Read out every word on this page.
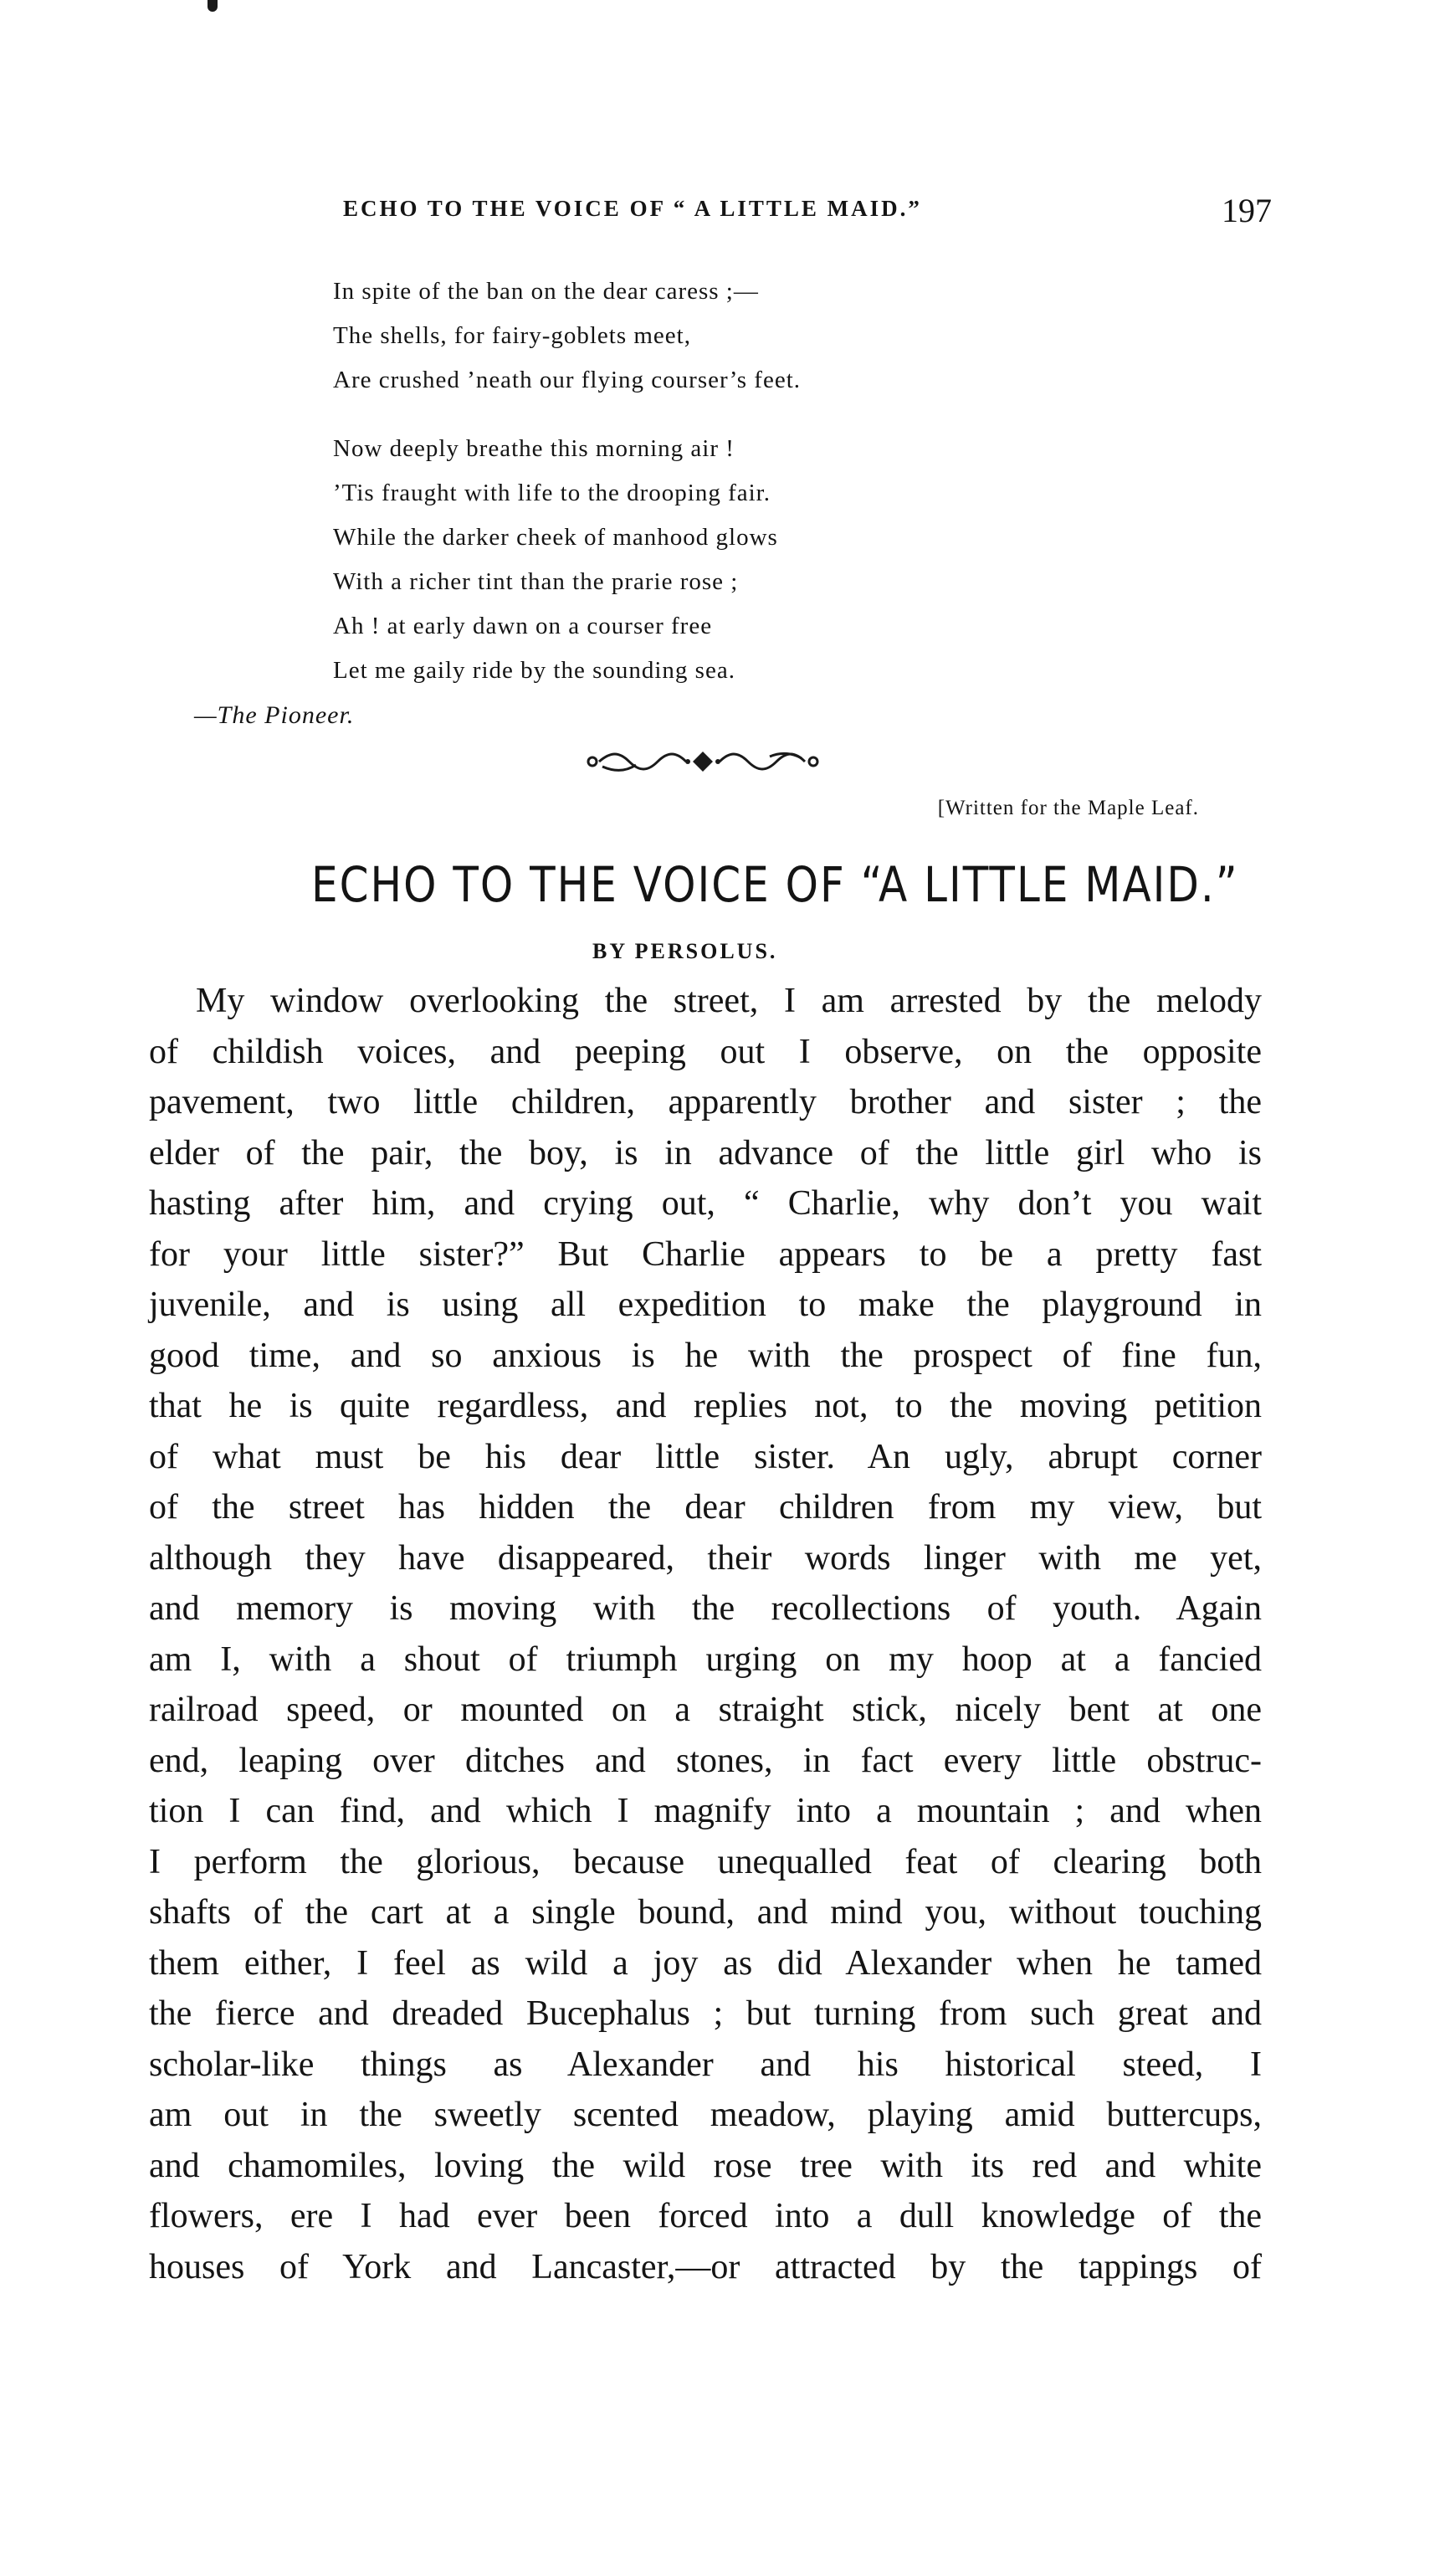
ECHO TO THE VOICE OF “ A LITTLE MAID.”	197
In spite of the ban on the dear caress ;—
The shells, for fairy-goblets meet,
Are crushed ’neath our flying courser’s feet.
Now deeply breathe this morning air !
’Tis fraught with life to the drooping fair.
While the darker cheek of manhood glows
With a richer tint than the prarie rose ;
Ah ! at early dawn on a courser free
Let me gaily ride by the sounding sea.
—The Pioneer.
[Written for the Maple Leaf.
ECHO TO THE VOICE OF “A LITTLE MAID.”
BY PERSOLUS.
My window overlooking the street, I am arrested by the melody
of childish voices, and peeping out I observe, on the opposite
pavement, two little children, apparently brother and sister ; the
elder of the pair, the boy, is in advance of the little girl who is
hasting after him, and crying out, “ Charlie, why don’t you wait
for your little sister?” But Charlie appears to be a pretty fast
juvenile, and is using all expedition to make the playground in
good time, and so anxious is he with the prospect of fine fun,
that he is quite regardless, and replies not, to the moving petition
of what must be his dear little sister. An ugly, abrupt corner
of the street has hidden the dear children from my view, but
although they have disappeared, their words linger with me yet,
and memory is moving with the recollections of youth. Again
am I, with a shout of triumph urging on my hoop at a fancied
railroad speed, or mounted on a straight stick, nicely bent at one
end, leaping over ditches and stones, in fact every little obstruc-
tion I can find, and which I magnify into a mountain ; and when
I perform the glorious, because unequalled feat of clearing both
shafts of the cart at a single bound, and mind you, without touching
them either, I feel as wild a joy as did Alexander when he tamed
the fierce and dreaded Bucephalus ; but turning from such great and
scholar-like things as Alexander and his historical steed, I
am out in the sweetly scented meadow, playing amid buttercups,
and chamomiles, loving the wild rose tree with its red and white
flowers, ere I had ever been forced into a dull knowledge of the
houses of York and Lancaster,—or attracted by the tappings of
